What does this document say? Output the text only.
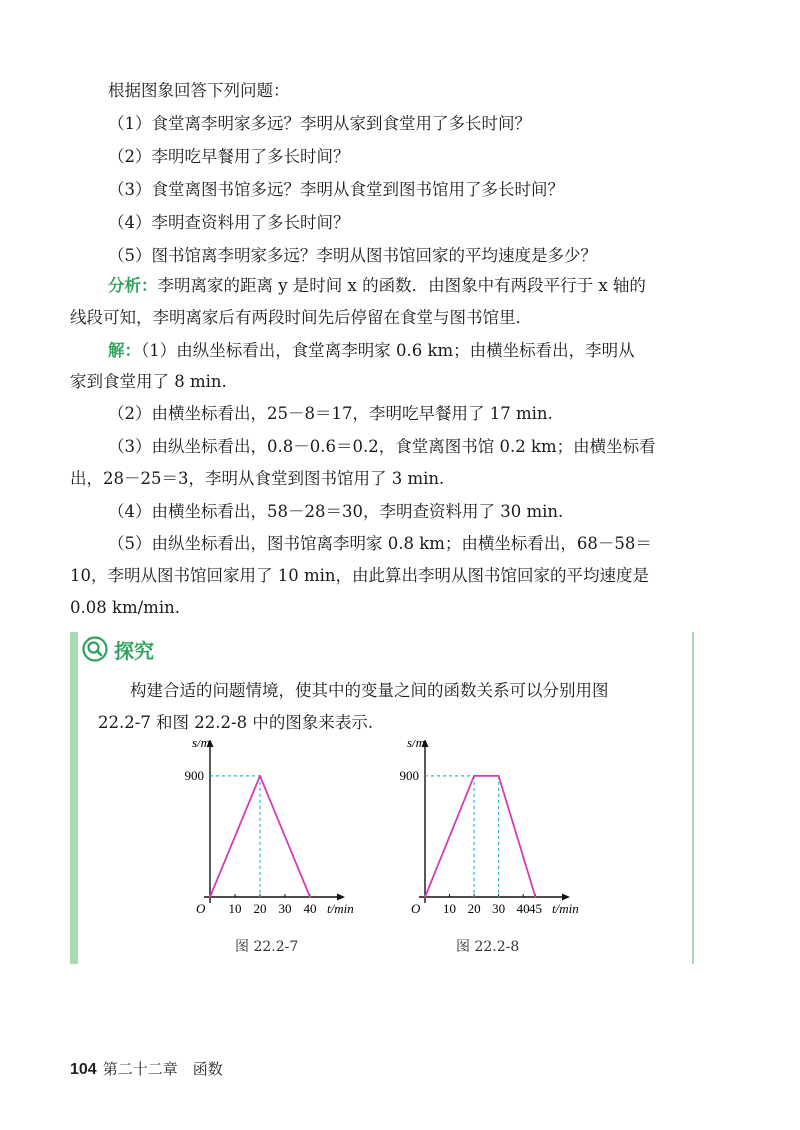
根据图象回答下列问题：
（1）食堂离李明家多远？李明从家到食堂用了多长时间？
（2）李明吃早餐用了多长时间？
（3）食堂离图书馆多远？李明从食堂到图书馆用了多长时间？
（4）李明查资料用了多长时间？
（5）图书馆离李明家多远？李明从图书馆回家的平均速度是多少？
分析：李明离家的距离 y 是时间 x 的函数．由图象中有两段平行于 x 轴的
线段可知，李明离家后有两段时间先后停留在食堂与图书馆里．
解：（1）由纵坐标看出，食堂离李明家 0.6 km；由横坐标看出，李明从
家到食堂用了 8 min.
（2）由横坐标看出，25－8＝17，李明吃早餐用了 17 min.
（3）由纵坐标看出，0.8－0.6＝0.2，食堂离图书馆 0.2 km；由横坐标看
出，28－25＝3，李明从食堂到图书馆用了 3 min.
（4）由横坐标看出，58－28＝30，李明查资料用了 30 min.
（5）由纵坐标看出，图书馆离李明家 0.8 km；由横坐标看出，68－58＝
10，李明从图书馆回家用了 10 min，由此算出李明从图书馆回家的平均速度是
0.08 km/min.
探究
构建合适的问题情境，使其中的变量之间的函数关系可以分别用图
22.2-7 和图 22.2-8 中的图象来表示.
s/m
O	t/min
10 20 30 40
900
s/m
O	t/min
10 20 30 40 45
900
图 22.2-7	图 22.2-8
104 第二十二章　函数
